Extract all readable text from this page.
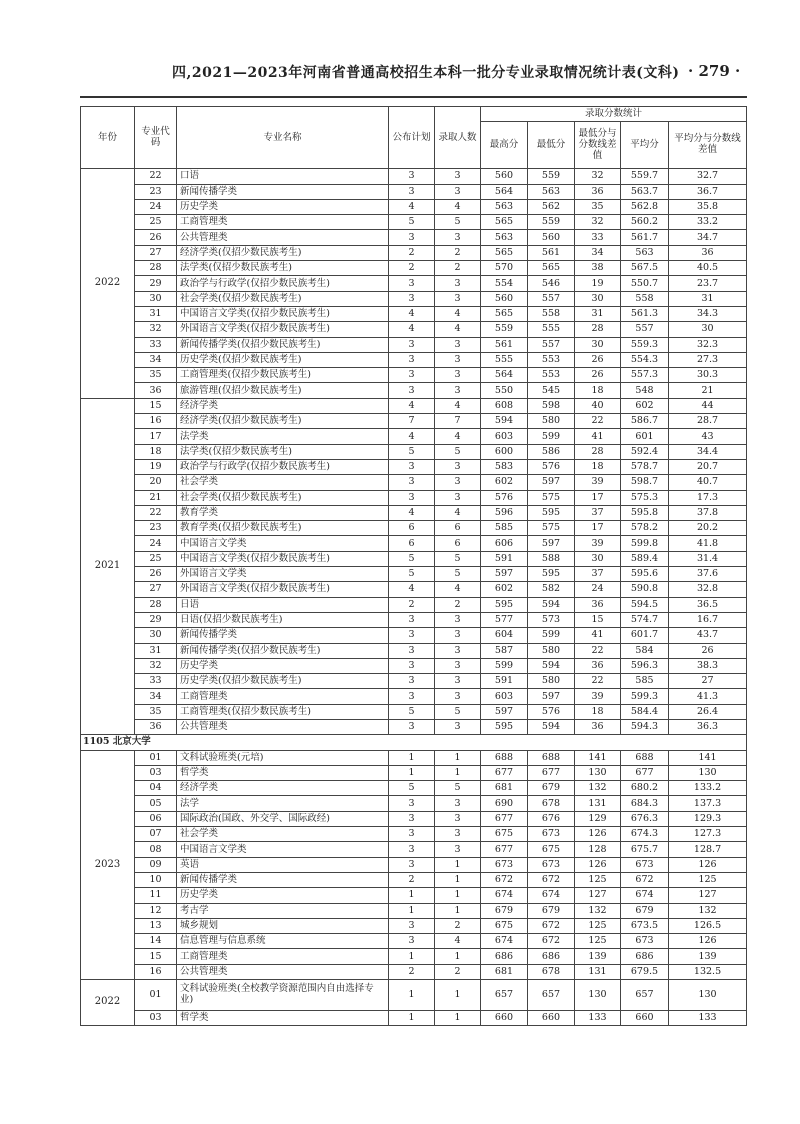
四,2021—2023年河南省普通高校招生本科一批分专业录取情况统计表(文科) · 279 ·
年份	专业代码	专业名称	公布计划	录取人数	录取分数统计				
					最高分	最低分	最低分与分数线差值	平均分	平均分与分数线差值
2022	22	口语	3	3	560	559	32	559.7	32.7
	23	新闻传播学类	3	3	564	563	36	563.7	36.7
	24	历史学类	4	4	563	562	35	562.8	35.8
	25	工商管理类	5	5	565	559	32	560.2	33.2
	26	公共管理类	3	3	563	560	33	561.7	34.7
	27	经济学类(仅招少数民族考生)	2	2	565	561	34	563	36
	28	法学类(仅招少数民族考生)	2	2	570	565	38	567.5	40.5
	29	政治学与行政学(仅招少数民族考生)	3	3	554	546	19	550.7	23.7
	30	社会学类(仅招少数民族考生)	3	3	560	557	30	558	31
	31	中国语言文学类(仅招少数民族考生)	4	4	565	558	31	561.3	34.3
	32	外国语言文学类(仅招少数民族考生)	4	4	559	555	28	557	30
	33	新闻传播学类(仅招少数民族考生)	3	3	561	557	30	559.3	32.3
	34	历史学类(仅招少数民族考生)	3	3	555	553	26	554.3	27.3
	35	工商管理类(仅招少数民族考生)	3	3	564	553	26	557.3	30.3
	36	旅游管理(仅招少数民族考生)	3	3	550	545	18	548	21
2021	15	经济学类	4	4	608	598	40	602	44
	16	经济学类(仅招少数民族考生)	7	7	594	580	22	586.7	28.7
	17	法学类	4	4	603	599	41	601	43
	18	法学类(仅招少数民族考生)	5	5	600	586	28	592.4	34.4
	19	政治学与行政学(仅招少数民族考生)	3	3	583	576	18	578.7	20.7
	20	社会学类	3	3	602	597	39	598.7	40.7
	21	社会学类(仅招少数民族考生)	3	3	576	575	17	575.3	17.3
	22	教育学类	4	4	596	595	37	595.8	37.8
	23	教育学类(仅招少数民族考生)	6	6	585	575	17	578.2	20.2
	24	中国语言文学类	6	6	606	597	39	599.8	41.8
	25	中国语言文学类(仅招少数民族考生)	5	5	591	588	30	589.4	31.4
	26	外国语言文学类	5	5	597	595	37	595.6	37.6
	27	外国语言文学类(仅招少数民族考生)	4	4	602	582	24	590.8	32.8
	28	日语	2	2	595	594	36	594.5	36.5
	29	日语(仅招少数民族考生)	3	3	577	573	15	574.7	16.7
	30	新闻传播学类	3	3	604	599	41	601.7	43.7
	31	新闻传播学类(仅招少数民族考生)	3	3	587	580	22	584	26
	32	历史学类	3	3	599	594	36	596.3	38.3
	33	历史学类(仅招少数民族考生)	3	3	591	580	22	585	27
	34	工商管理类	3	3	603	597	39	599.3	41.3
	35	工商管理类(仅招少数民族考生)	5	5	597	576	18	584.4	26.4
	36	公共管理类	3	3	595	594	36	594.3	36.3
1105 北京大学									
2023	01	文科试验班类(元培)	1	1	688	688	141	688	141
	03	哲学类	1	1	677	677	130	677	130
	04	经济学类	5	5	681	679	132	680.2	133.2
	05	法学	3	3	690	678	131	684.3	137.3
	06	国际政治(国政、外交学、国际政经)	3	3	677	676	129	676.3	129.3
	07	社会学类	3	3	675	673	126	674.3	127.3
	08	中国语言文学类	3	3	677	675	128	675.7	128.7
	09	英语	3	1	673	673	126	673	126
	10	新闻传播学类	2	1	672	672	125	672	125
	11	历史学类	1	1	674	674	127	674	127
	12	考古学	1	1	679	679	132	679	132
	13	城乡规划	3	2	675	672	125	673.5	126.5
	14	信息管理与信息系统	3	4	674	672	125	673	126
	15	工商管理类	1	1	686	686	139	686	139
	16	公共管理类	2	2	681	678	131	679.5	132.5
2022	01	文科试验班类(全校教学资源范围内自由选择专业)	1	1	657	657	130	657	130
	03	哲学类	1	1	660	660	133	660	133
